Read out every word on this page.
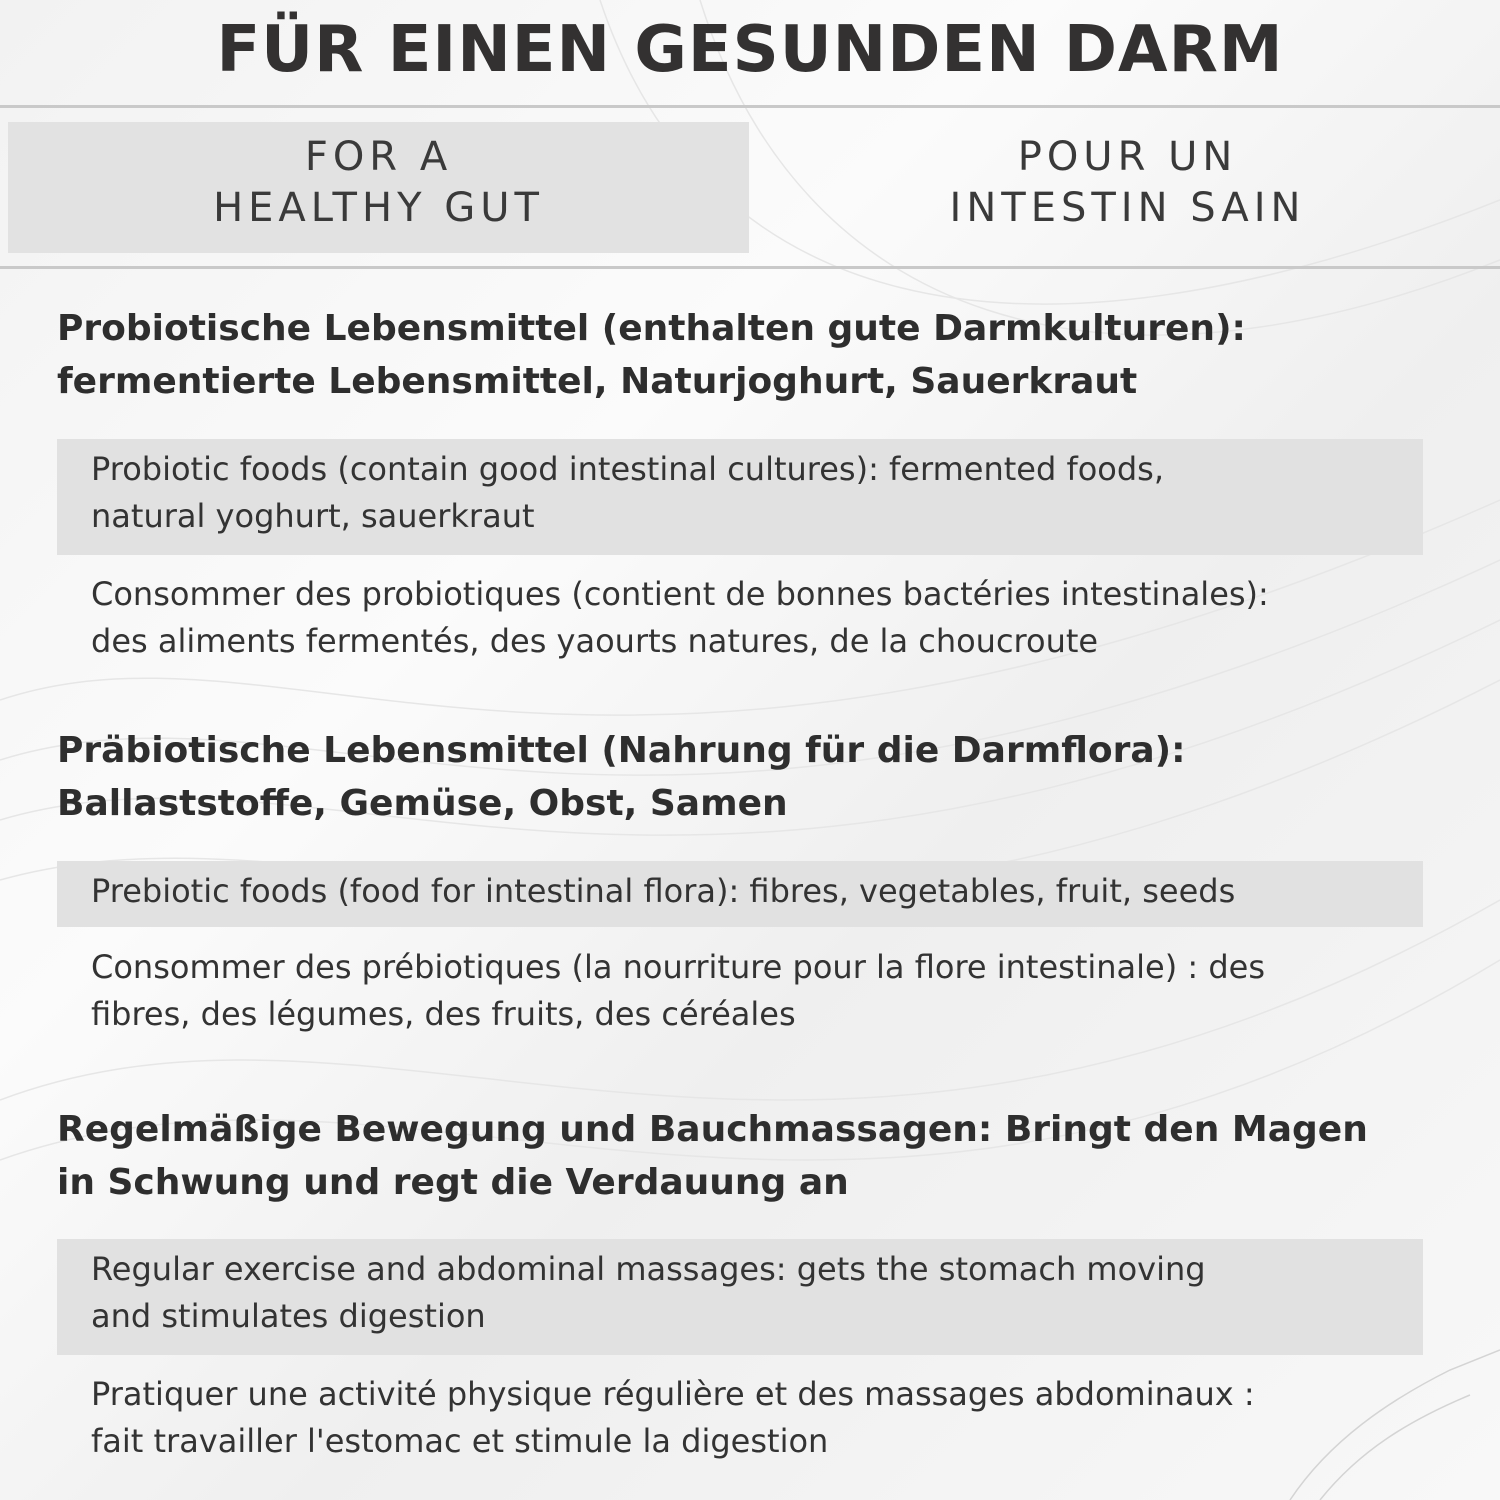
FÜR EINEN GESUNDEN DARM
FOR A
HEALTHY GUT
POUR UN
INTESTIN SAIN
Probiotische Lebensmittel (enthalten gute Darmkulturen):
fermentierte Lebensmittel, Naturjoghurt, Sauerkraut
Probiotic foods (contain good intestinal cultures): fermented foods,
natural yoghurt, sauerkraut
Consommer des probiotiques (contient de bonnes bactéries intestinales):
des aliments fermentés, des yaourts natures, de la choucroute
Präbiotische Lebensmittel (Nahrung für die Darmflora):
Ballaststoffe, Gemüse, Obst, Samen
Prebiotic foods (food for intestinal flora): fibres, vegetables, fruit, seeds
Consommer des prébiotiques (la nourriture pour la flore intestinale) : des
fibres, des légumes, des fruits, des céréales
Regelmäßige Bewegung und Bauchmassagen: Bringt den Magen
in Schwung und regt die Verdauung an
Regular exercise and abdominal massages: gets the stomach moving
and stimulates digestion
Pratiquer une activité physique régulière et des massages abdominaux :
fait travailler l'estomac et stimule la digestion
